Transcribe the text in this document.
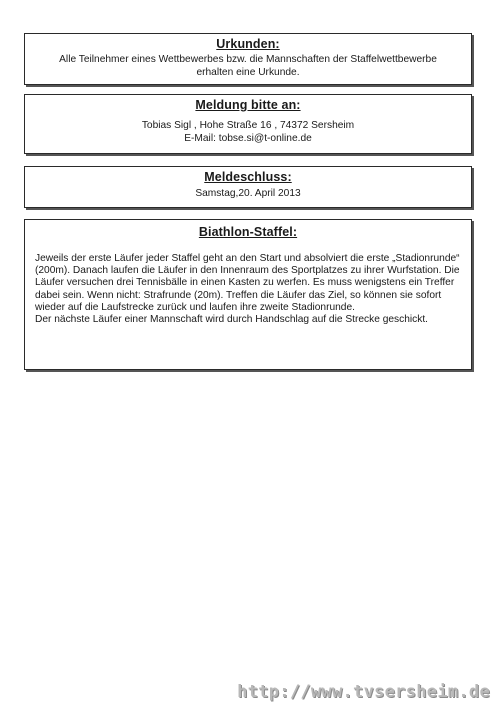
Urkunden:
Alle Teilnehmer eines Wettbewerbes bzw. die Mannschaften der Staffelwettbewerbe
erhalten eine Urkunde.
Meldung bitte an:
Tobias Sigl , Hohe Straße 16 , 74372 Sersheim
E-Mail: tobse.si@t-online.de
Meldeschluss:
Samstag,20. April 2013
Biathlon-Staffel:

Jeweils der erste Läufer jeder Staffel geht an den Start und absolviert die erste „Stadionrunde“ (200m). Danach laufen die Läufer in den Innenraum des Sportplatzes zu ihrer Wurfstation. Die Läufer versuchen drei Tennisbälle in einen Kasten zu werfen. Es muss wenigstens ein Treffer dabei sein. Wenn nicht: Strafrunde (20m). Treffen die Läufer das Ziel, so können sie sofort wieder auf die Laufstrecke zurück und laufen ihre zweite Stadionrunde.

Der nächste Läufer einer Mannschaft wird durch Handschlag auf die Strecke geschickt.

http://www.tvsersheim.de
